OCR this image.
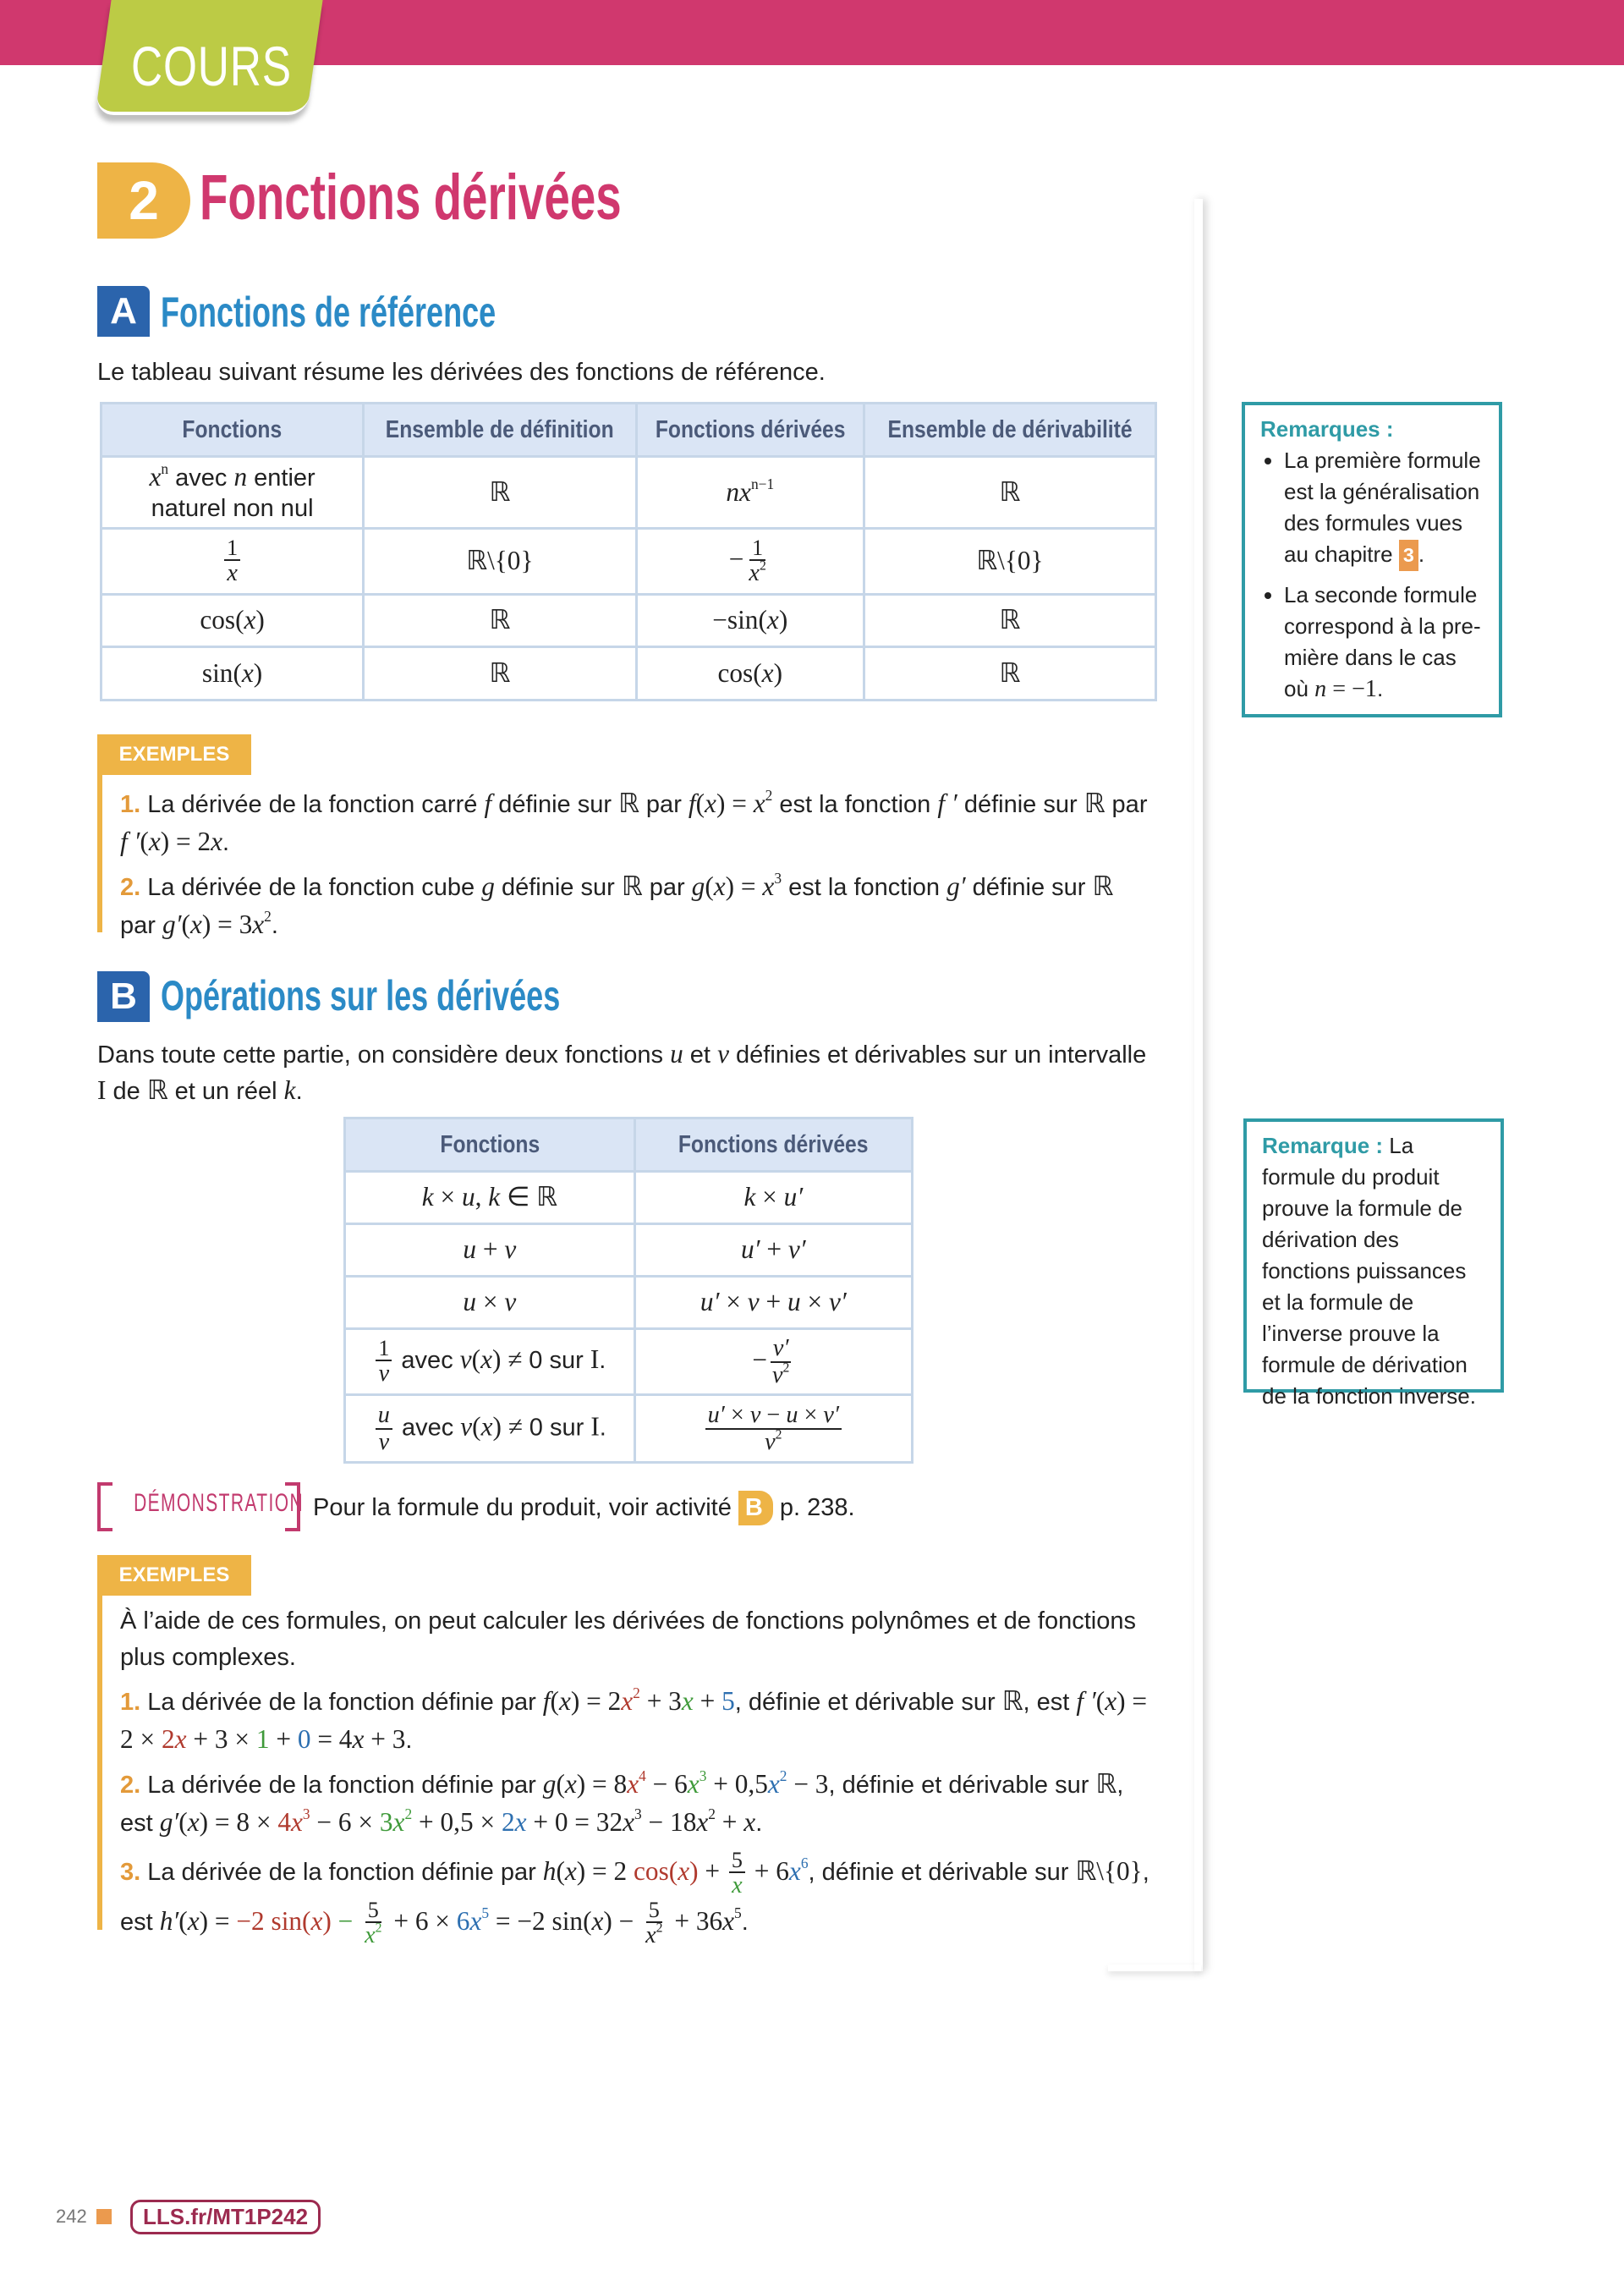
COURS
2 Fonctions dérivées
A Fonctions de référence
Le tableau suivant résume les dérivées des fonctions de référence.
Fonctions	Ensemble de définition	Fonctions dérivées	Ensemble de dérivabilité
$x^n$ avec n entier naturel non nul	ℝ	$nx^{n-1}$	ℝ

$\frac{1}{x}$	ℝ\{0}	− $\frac{1}{x^2}$	ℝ\{0}
cos(x)	ℝ	−sin(x)	ℝ
sin(x)	ℝ	cos(x)	ℝ
Remarques :
• La première formule est la généralisation des formules vues au chapitre 3 .
• La seconde formule correspond à la première dans le cas où n = −1.
EXEMPLES

1. La dérivée de la fonction carré f définie sur ℝ par $f(x) = x^2$ est la fonction f ′ définie sur ℝ par f ′(x) = 2x.

2. La dérivée de la fonction cube g définie sur ℝ par $g(x) = x^3$ est la fonction g′ définie sur ℝ par $g'(x) = 3x^2$.

B Opérations sur les dérivées
Dans toute cette partie, on considère deux fonctions u et v définies et dérivables sur un intervalle I de ℝ et un réel k.
Fonctions	Fonctions dérivées
k × u, k ∈ ℝ	k × u′
u + v	u′ + v′
u × v	u′ × v + u × v′

$\frac{1}{v}$ avec v(x) ≠ 0 sur I.	− $\frac{v'}{v^2}$

$\frac{u}{v}$ avec v(x) ≠ 0 sur I.	$\frac{u' \times v - u \times v'}{v^2}$
Remarque : La formule du produit prouve la formule de dérivation des fonctions puissances et la formule de l’inverse prouve la formule de dérivation de la fonction inverse.
DÉMONSTRATION Pour la formule du produit, voir activité B p. 238.
EXEMPLES

À l’aide de ces formules, on peut calculer les dérivées de fonctions polynômes et de fonctions plus complexes.

1. La dérivée de la fonction définie par $f(x) = 2x^2 + 3x + 5$, définie et dérivable sur ℝ, est f ′(x) = 2 × 2x + 3 × 1 + 0 = 4x + 3.

2. La dérivée de la fonction définie par $g(x) = 8x^4 - 6x^3 + 0,5x^2 - 3$, définie et dérivable sur ℝ, est $g'(x) = 8 \times 4x^3 - 6 \times 3x^2 + 0,5 \times 2x + 0 = 32x^3 - 18x^2 + x$.

3. La dérivée de la fonction définie par h(x) = 2 $\cos(x) + \frac{5}{x} + 6x^6$, définie et dérivable sur ℝ\{0}, est h′(x) = −2 $\sin(x) - \frac{5}{x^2} + 6 \times 6x^5 = -2$ $\sin(x) - \frac{5}{x^2} + 36x^5$.

242	LLS.fr/MT1P242
